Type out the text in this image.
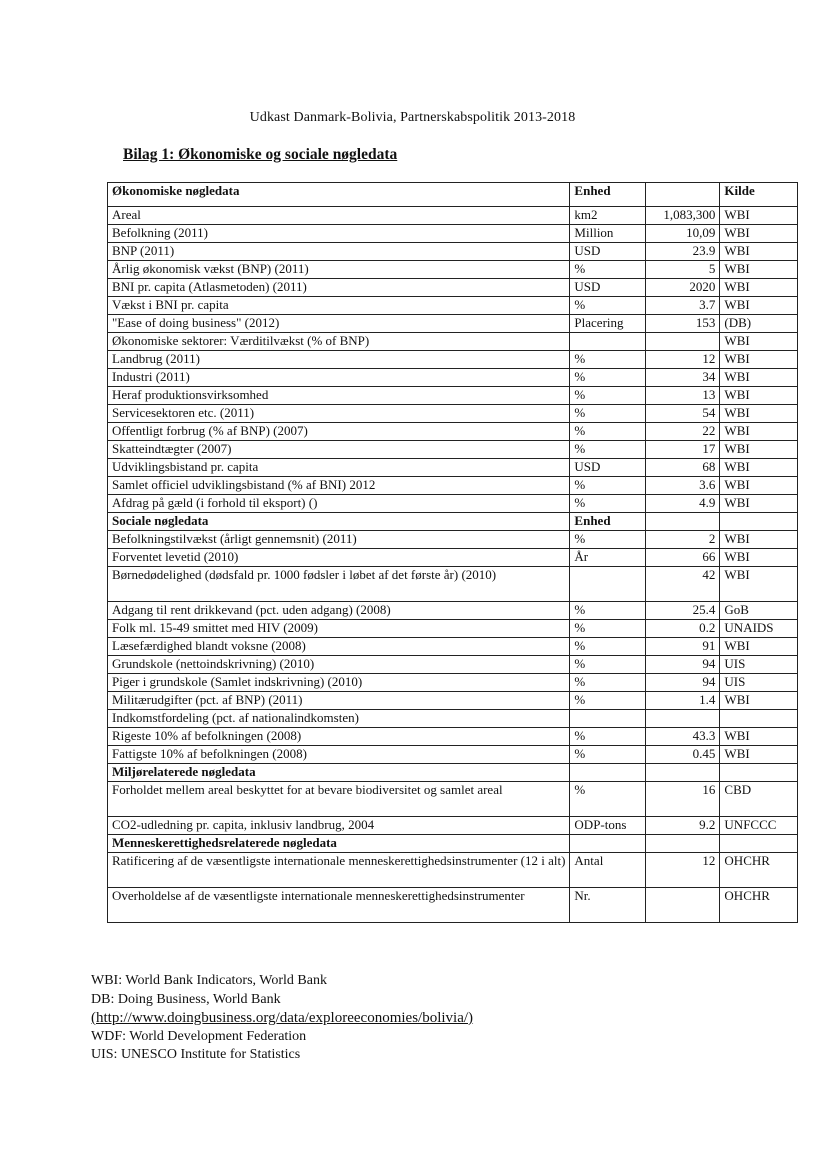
Udkast Danmark-Bolivia, Partnerskabspolitik 2013-2018
Bilag 1: Økonomiske og sociale nøgledata
Økonomiske nøgledata	Enhed		Kilde
Areal	km2	1,083,300	WBI
Befolkning (2011)	Million	10,09	WBI
BNP (2011)	USD	23.9	WBI
Årlig økonomisk vækst (BNP) (2011)	%	5	WBI
BNI pr. capita (Atlasmetoden) (2011)	USD	2020	WBI
Vækst i BNI pr. capita	%	3.7	WBI
"Ease of doing business" (2012)	Placering	153	(DB)
Økonomiske sektorer: Værditilvækst (% of BNP)			WBI
Landbrug (2011)	%	12	WBI
Industri (2011)	%	34	WBI
Heraf produktionsvirksomhed	%	13	WBI
Servicesektoren etc. (2011)	%	54	WBI
Offentligt forbrug (% af BNP) (2007)	%	22	WBI
Skatteindtægter (2007)	%	17	WBI
Udviklingsbistand pr. capita	USD	68	WBI
Samlet officiel udviklingsbistand (% af BNI) 2012	%	3.6	WBI
Afdrag på gæld (i forhold til eksport) ()	%	4.9	WBI
Sociale nøgledata	Enhed		
Befolkningstilvækst (årligt gennemsnit) (2011)	%	2	WBI
Forventet levetid (2010)	År	66	WBI
Børnedødelighed (dødsfald pr. 1000 fødsler i løbet af det første år) (2010)		42	WBI
Adgang til rent drikkevand (pct. uden adgang) (2008)	%	25.4	GoB
Folk ml. 15-49 smittet med HIV (2009)	%	0.2	UNAIDS
Læsefærdighed blandt voksne (2008)	%	91	WBI
Grundskole (nettoindskrivning) (2010)	%	94	UIS
Piger i grundskole (Samlet indskrivning) (2010)	%	94	UIS
Militærudgifter (pct. af BNP) (2011)	%	1.4	WBI
Indkomstfordeling (pct. af nationalindkomsten)			
Rigeste 10% af befolkningen (2008)	%	43.3	WBI
Fattigste 10% af befolkningen (2008)	%	0.45	WBI
Miljørelaterede nøgledata			
Forholdet mellem areal beskyttet for at bevare biodiversitet og samlet areal	%	16	CBD
CO2-udledning pr. capita, inklusiv landbrug, 2004	ODP-tons	9.2	UNFCCC
Menneskerettighedsrelaterede nøgledata			
Ratificering af de væsentligste internationale menneskerettighedsinstrumenter (12 i alt)	Antal	12	OHCHR
Overholdelse af de væsentligste internationale menneskerettighedsinstrumenter	Nr.		OHCHR
WBI: World Bank Indicators, World Bank
DB: Doing Business, World Bank
(http://www.doingbusiness.org/data/exploreeconomies/bolivia/)
WDF: World Development Federation
UIS: UNESCO Institute for Statistics
